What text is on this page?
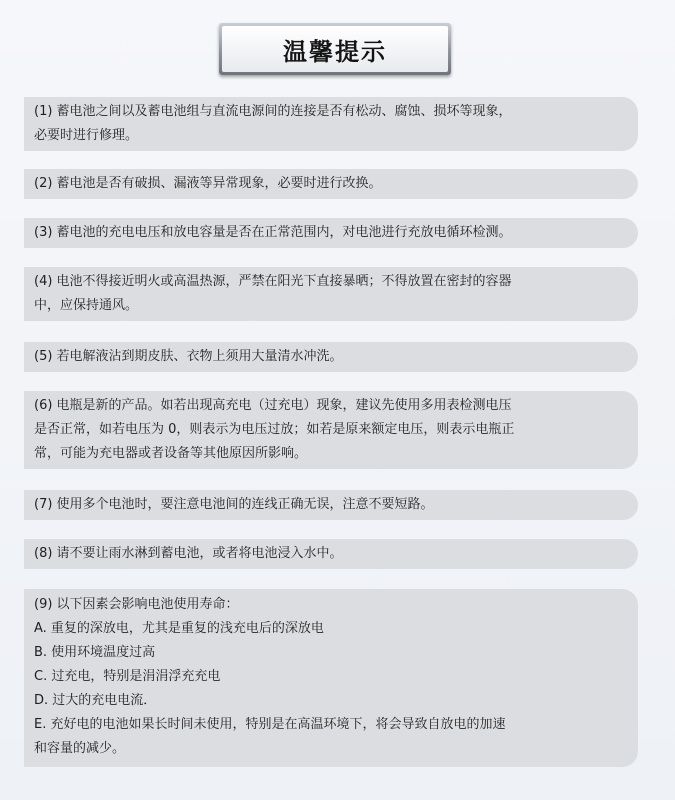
温馨提示
(1) 蓄电池之间以及蓄电池组与直流电源间的连接是否有松动、腐蚀、损坏等现象，
必要时进行修理。
(2) 蓄电池是否有破损、漏液等异常现象，必要时进行改换。
(3) 蓄电池的充电电压和放电容量是否在正常范围内，对电池进行充放电循环检测。
(4) 电池不得接近明火或高温热源，严禁在阳光下直接暴晒；不得放置在密封的容器
中，应保持通风。
(5) 若电解液沾到期皮肤、衣物上须用大量清水冲洗。
(6) 电瓶是新的产品。如若出现高充电（过充电）现象，建议先使用多用表检测电压
是否正常，如若电压为 0，则表示为电压过放；如若是原来额定电压，则表示电瓶正
常，可能为充电器或者设备等其他原因所影响。
(7) 使用多个电池时，要注意电池间的连线正确无误，注意不要短路。
(8) 请不要让雨水淋到蓄电池，或者将电池浸入水中。
(9) 以下因素会影响电池使用寿命：
A. 重复的深放电，尤其是重复的浅充电后的深放电
B. 使用环境温度过高
C. 过充电，特别是涓涓浮充充电
D. 过大的充电电流．
E. 充好电的电池如果长时间未使用，特别是在高温环境下，将会导致自放电的加速
和容量的减少。
